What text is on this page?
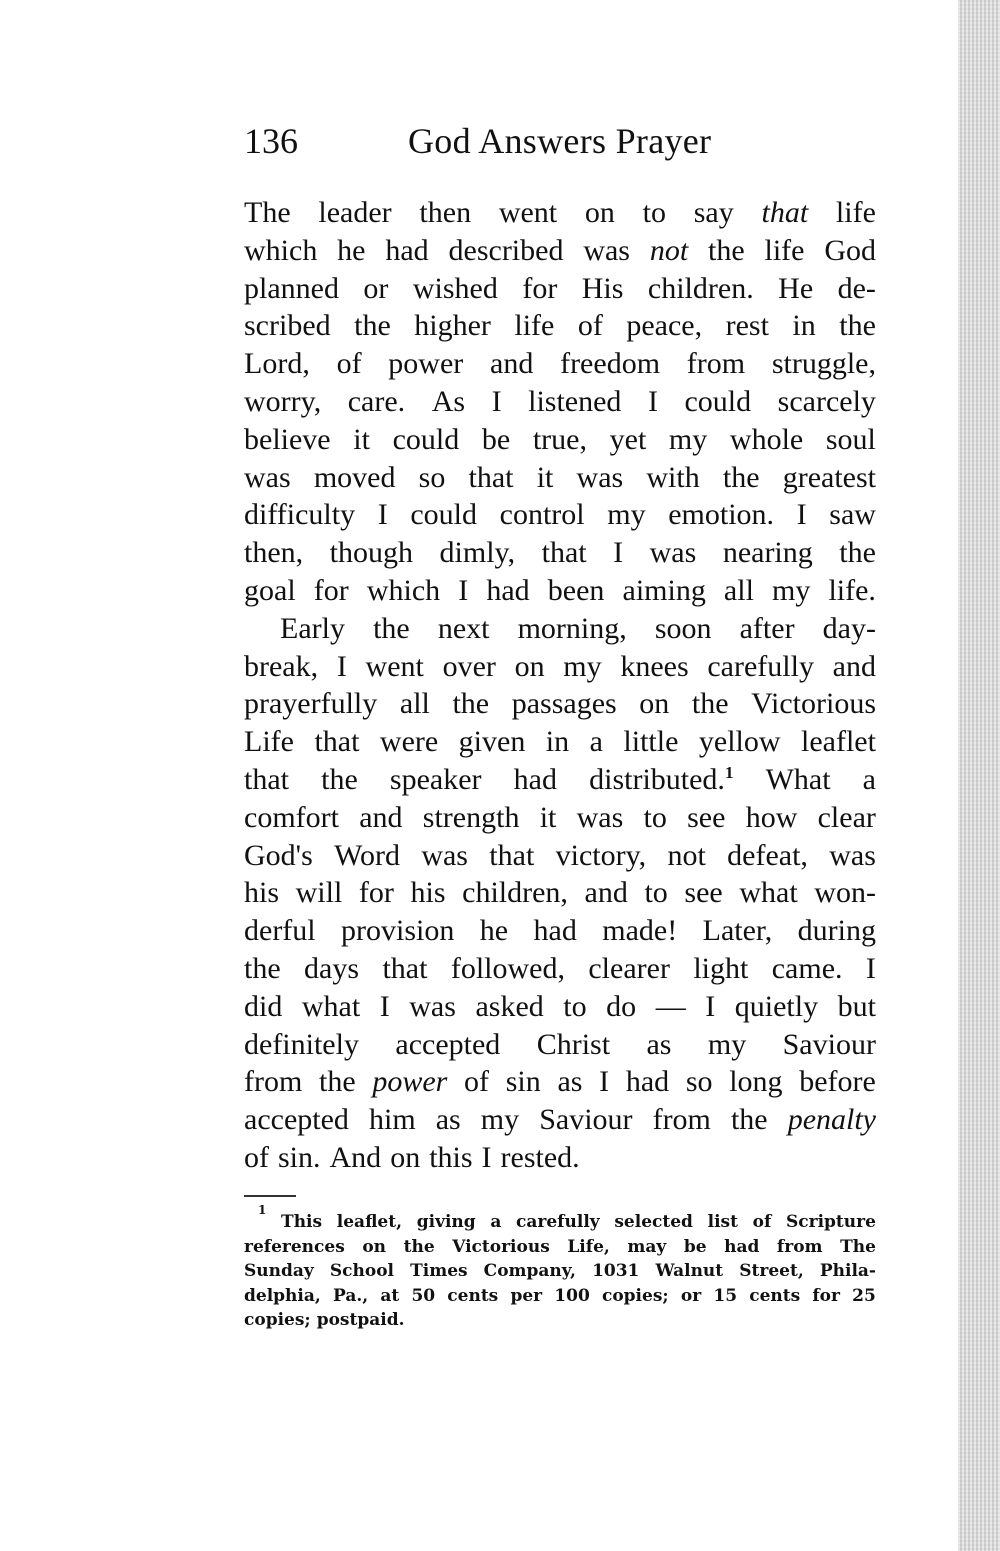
136	God Answers Prayer
The leader then went on to say that life
which he had described was not the life God
planned or wished for His children. He de-
scribed the higher life of peace, rest in the
Lord, of power and freedom from struggle,
worry, care. As I listened I could scarcely
believe it could be true, yet my whole soul
was moved so that it was with the greatest
difficulty I could control my emotion. I saw
then, though dimly, that I was nearing the
goal for which I had been aiming all my life.
Early the next morning, soon after day-
break, I went over on my knees carefully and
prayerfully all the passages on the Victorious
Life that were given in a little yellow leaflet
that the speaker had distributed.$^1$ What a
comfort and strength it was to see how clear
God's Word was that victory, not defeat, was
his will for his children, and to see what won-
derful provision he had made! Later, during
the days that followed, clearer light came. I
did what I was asked to do — I quietly but
definitely accepted Christ as my Saviour
from the power of sin as I had so long before
accepted him as my Saviour from the penalty
of sin. And on this I rested.
1
This leaflet, giving a carefully selected list of Scripture
references on the Victorious Life, may be had from The
Sunday School Times Company, 1031 Walnut Street, Phila-
delphia, Pa., at 50 cents per 100 copies; or 15 cents for 25
copies; postpaid.
